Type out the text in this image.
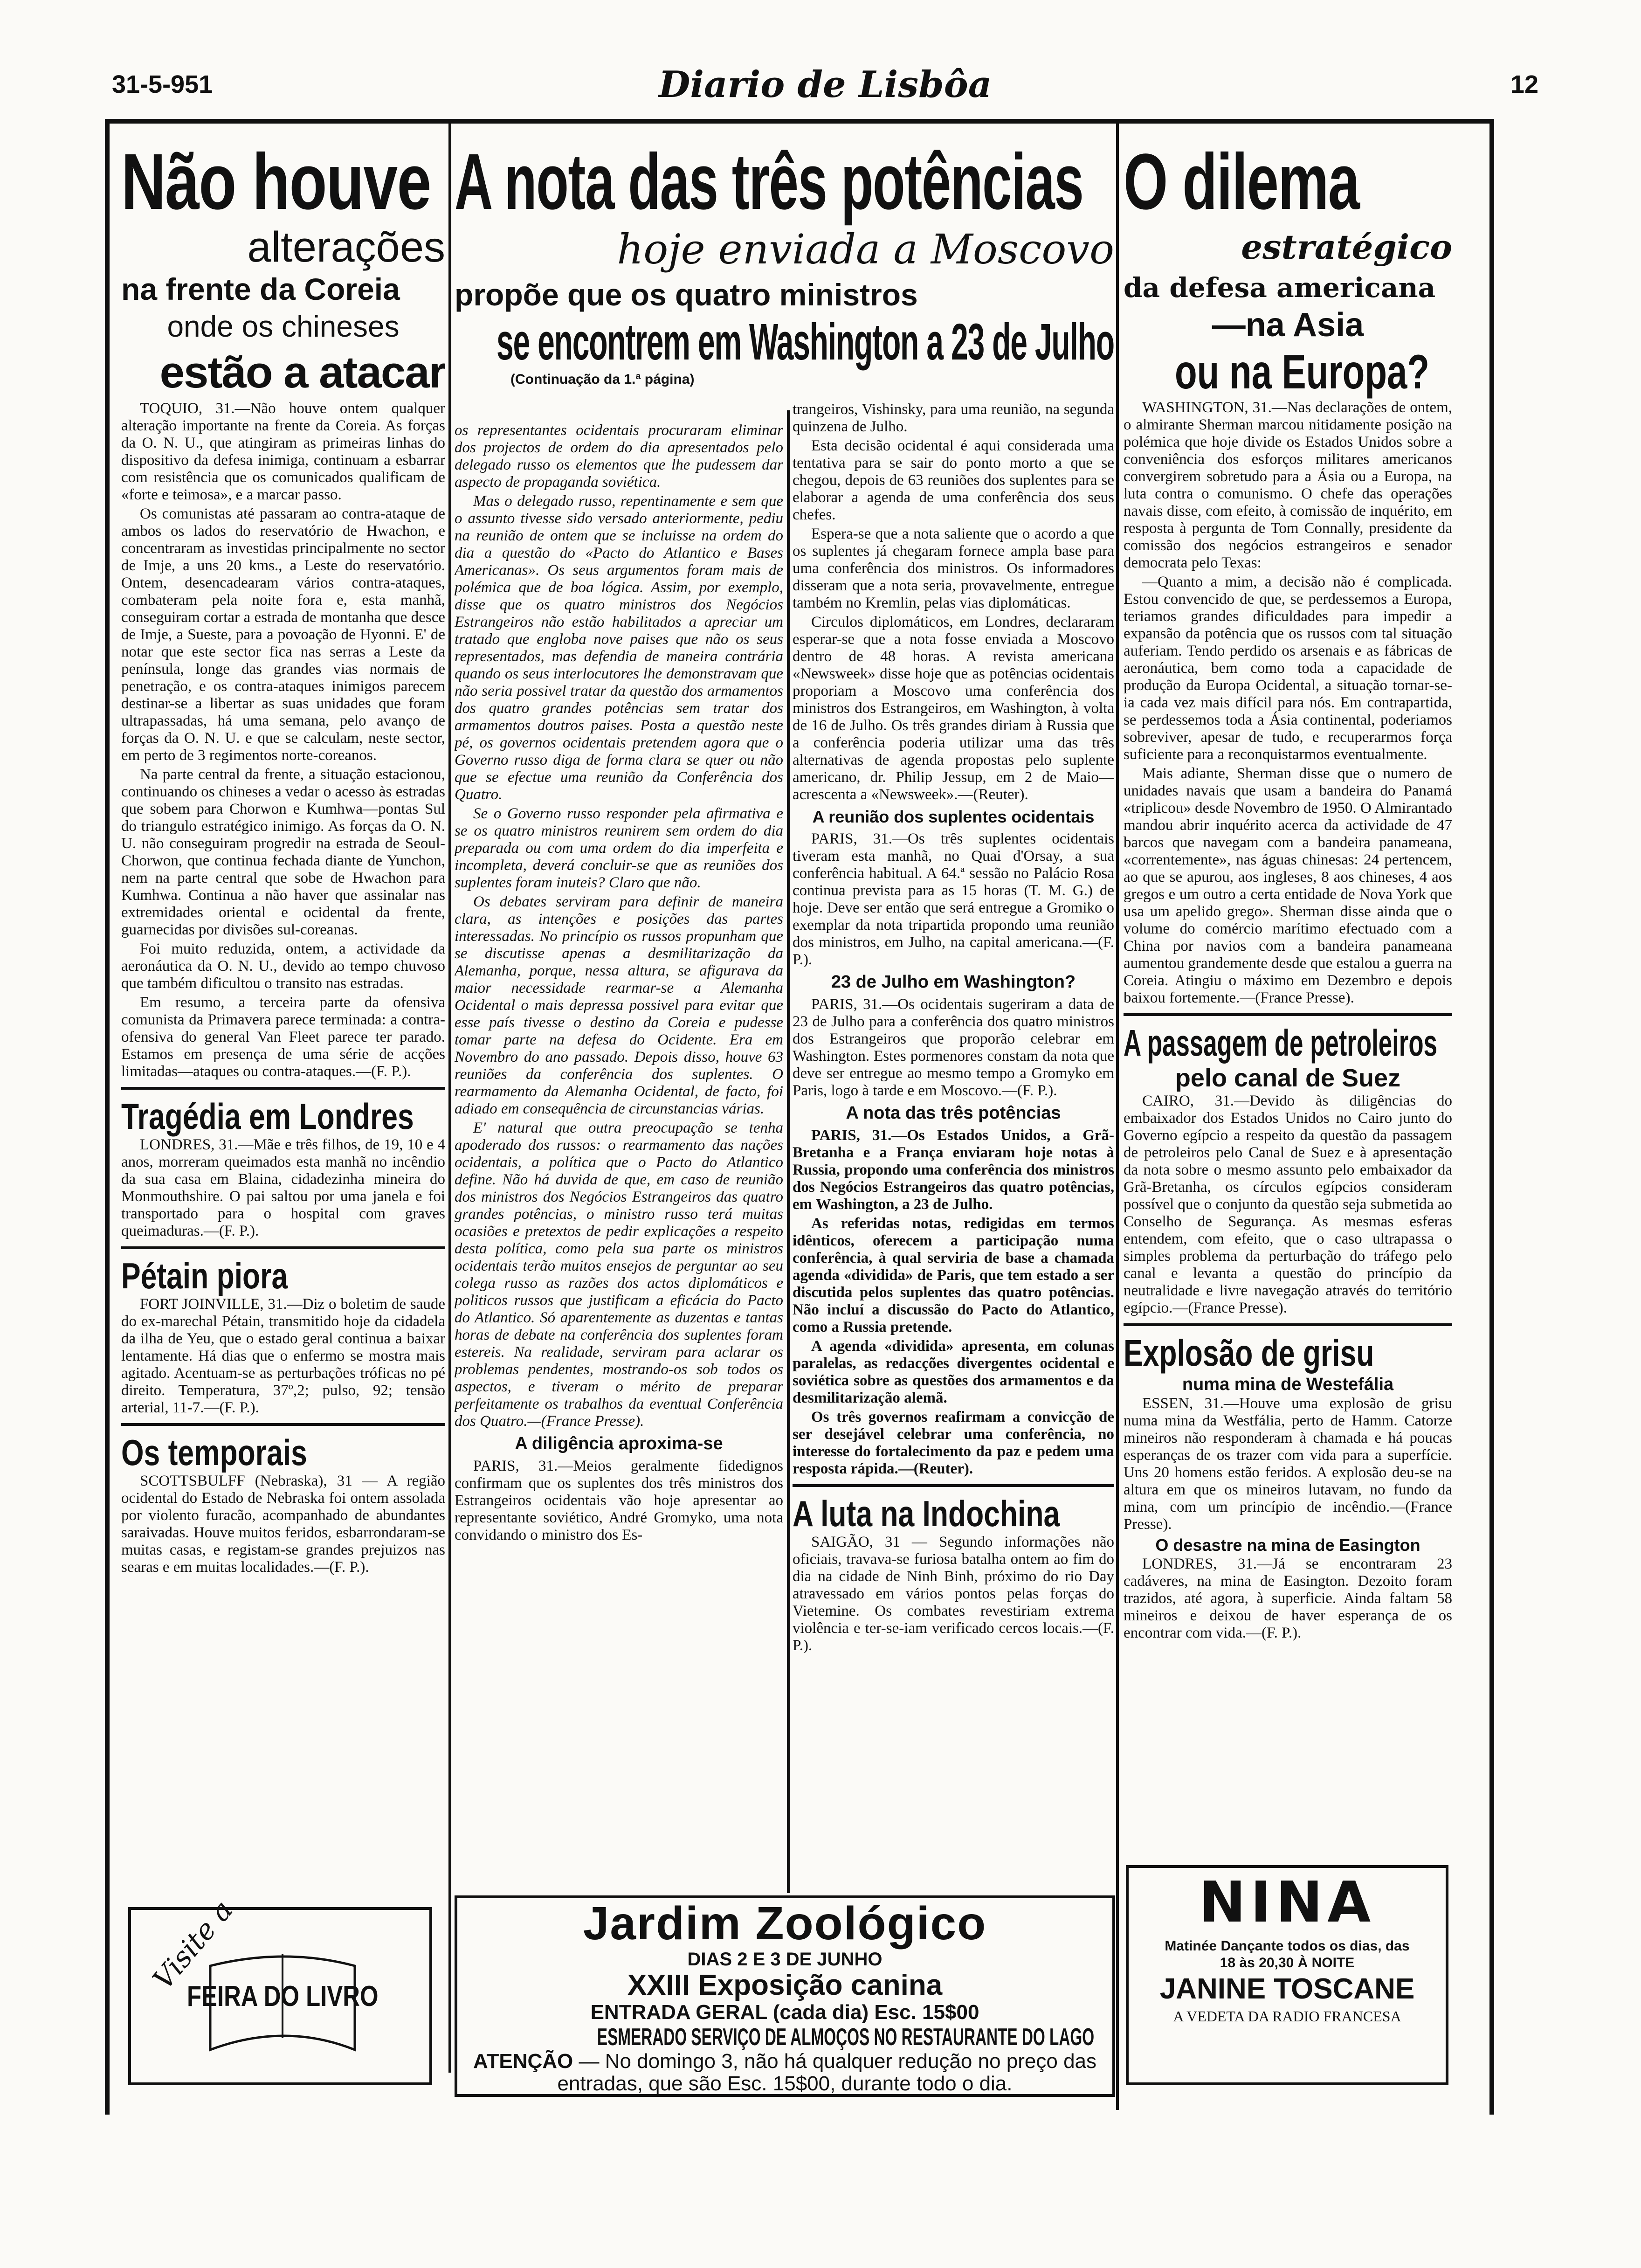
31-5-951	Diario de Lisbôa	12
Não houve
alterações
na frente da Coreia
onde os chineses
estão a atacar

TOQUIO, 31.—Não houve ontem qualquer alteração importante na frente da Coreia. As forças da O. N. U., que atingiram as primeiras linhas do dispositivo da defesa inimiga, continuam a esbarrar com resistência que os comunicados qualificam de «forte e teimosa», e a marcar passo.

Os comunistas até passaram ao contra-ataque de ambos os lados do reservatório de Hwachon, e concentraram as investidas principalmente no sector de Imje, a uns 20 kms., a Leste do reservatório. Ontem, desencadearam vários contra-ataques, combateram pela noite fora e, esta manhã, conseguiram cortar a estrada de montanha que desce de Imje, a Sueste, para a povoação de Hyonni. E' de notar que este sector fica nas serras a Leste da península, longe das grandes vias normais de penetração, e os contra-ataques inimigos parecem destinar-se a libertar as suas unidades que foram ultrapassadas, há uma semana, pelo avanço de forças da O. N. U. e que se calculam, neste sector, em perto de 3 regimentos norte-coreanos.

Na parte central da frente, a situação estacionou, continuando os chineses a vedar o acesso às estradas que sobem para Chorwon e Kumhwa—pontas Sul do triangulo estratégico inimigo. As forças da O. N. U. não conseguiram progredir na estrada de Seoul-Chorwon, que continua fechada diante de Yunchon, nem na parte central que sobe de Hwachon para Kumhwa. Continua a não haver que assinalar nas extremidades oriental e ocidental da frente, guarnecidas por divisões sul-coreanas.

Foi muito reduzida, ontem, a actividade da aeronáutica da O. N. U., devido ao tempo chuvoso que também dificultou o transito nas estradas.

Em resumo, a terceira parte da ofensiva comunista da Primavera parece terminada: a contra-ofensiva do general Van Fleet parece ter parado. Estamos em presença de uma série de acções limitadas—ataques ou contra-ataques.—(F. P.).

Tragédia em Londres

LONDRES, 31.—Mãe e três filhos, de 19, 10 e 4 anos, morreram queimados esta manhã no incêndio da sua casa em Blaina, cidadezinha mineira do Monmouthshire. O pai saltou por uma janela e foi transportado para o hospital com graves queimaduras.—(F. P.).

Pétain piora

FORT JOINVILLE, 31.—Diz o boletim de saude do ex-marechal Pétain, transmitido hoje da cidadela da ilha de Yeu, que o estado geral continua a baixar lentamente. Há dias que o enfermo se mostra mais agitado. Acentuam-se as perturbações tróficas no pé direito. Temperatura, 37º,2; pulso, 92; tensão arterial, 11-7.—(F. P.).

Os temporais

SCOTTSBULFF (Nebraska), 31 — A região ocidental do Estado de Nebraska foi ontem assolada por violento furacão, acompanhado de abundantes saraivadas. Houve muitos feridos, esbarrondaram-se muitas casas, e registam-se grandes prejuizos nas searas e em muitas localidades.—(F. P.).

Visite a
FEIRA DO LIVRO
A nota das três potências
hoje enviada a Moscovo
propõe que os quatro ministros
se encontrem em Washington a 23 de Julho
(Continuação da 1.ª página)

os representantes ocidentais procuraram eliminar dos projectos de ordem do dia apresentados pelo delegado russo os elementos que lhe pudessem dar aspecto de propaganda soviética.

Mas o delegado russo, repentinamente e sem que o assunto tivesse sido versado anteriormente, pediu na reunião de ontem que se incluisse na ordem do dia a questão do «Pacto do Atlantico e Bases Americanas». Os seus argumentos foram mais de polémica que de boa lógica. Assim, por exemplo, disse que os quatro ministros dos Negócios Estrangeiros não estão habilitados a apreciar um tratado que engloba nove paises que não os seus representados, mas defendia de maneira contrária quando os seus interlocutores lhe demonstravam que não seria possivel tratar da questão dos armamentos dos quatro grandes potências sem tratar dos armamentos doutros paises. Posta a questão neste pé, os governos ocidentais pretendem agora que o Governo russo diga de forma clara se quer ou não que se efectue uma reunião da Conferência dos Quatro.

Se o Governo russo responder pela afirmativa e se os quatro ministros reunirem sem ordem do dia preparada ou com uma ordem do dia imperfeita e incompleta, deverá concluir-se que as reuniões dos suplentes foram inuteis? Claro que não.

Os debates serviram para definir de maneira clara, as intenções e posições das partes interessadas. No princípio os russos propunham que se discutisse apenas a desmilitarização da Alemanha, porque, nessa altura, se afigurava da maior necessidade rearmar-se a Alemanha Ocidental o mais depressa possivel para evitar que esse país tivesse o destino da Coreia e pudesse tomar parte na defesa do Ocidente. Era em Novembro do ano passado. Depois disso, houve 63 reuniões da conferência dos suplentes. O rearmamento da Alemanha Ocidental, de facto, foi adiado em consequência de circunstancias várias.

E' natural que outra preocupação se tenha apoderado dos russos: o rearmamento das nações ocidentais, a política que o Pacto do Atlantico define. Não há duvida de que, em caso de reunião dos ministros dos Negócios Estrangeiros das quatro grandes potências, o ministro russo terá muitas ocasiões e pretextos de pedir explicações a respeito desta política, como pela sua parte os ministros ocidentais terão muitos ensejos de perguntar ao seu colega russo as razões dos actos diplomáticos e politicos russos que justificam a eficácia do Pacto do Atlantico. Só aparentemente as duzentas e tantas horas de debate na conferência dos suplentes foram estereis. Na realidade, serviram para aclarar os problemas pendentes, mostrando-os sob todos os aspectos, e tiveram o mérito de preparar perfeitamente os trabalhos da eventual Conferência dos Quatro.—(France Presse).

A diligência aproxima-se

PARIS, 31.—Meios geralmente fidedignos confirmam que os suplentes dos três ministros dos Estrangeiros ocidentais vão hoje apresentar ao representante soviético, André Gromyko, uma nota convidando o ministro dos Es-

trangeiros, Vishinsky, para uma reunião, na segunda quinzena de Julho.

Esta decisão ocidental é aqui considerada uma tentativa para se sair do ponto morto a que se chegou, depois de 63 reuniões dos suplentes para se elaborar a agenda de uma conferência dos seus chefes.

Espera-se que a nota saliente que o acordo a que os suplentes já chegaram fornece ampla base para uma conferência dos ministros. Os informadores disseram que a nota seria, provavelmente, entregue também no Kremlin, pelas vias diplomáticas.

Circulos diplomáticos, em Londres, declararam esperar-se que a nota fosse enviada a Moscovo dentro de 48 horas. A revista americana «Newsweek» disse hoje que as potências ocidentais proporiam a Moscovo uma conferência dos ministros dos Estrangeiros, em Washington, à volta de 16 de Julho. Os três grandes diriam à Russia que a conferência poderia utilizar uma das três alternativas de agenda propostas pelo suplente americano, dr. Philip Jessup, em 2 de Maio—acrescenta a «Newsweek».—(Reuter).

A reunião dos suplentes ocidentais

PARIS, 31.—Os três suplentes ocidentais tiveram esta manhã, no Quai d'Orsay, a sua conferência habitual. A 64.ª sessão no Palácio Rosa continua prevista para as 15 horas (T. M. G.) de hoje. Deve ser então que será entregue a Gromiko o exemplar da nota tripartida propondo uma reunião dos ministros, em Julho, na capital americana.—(F. P.).

23 de Julho em Washington?

PARIS, 31.—Os ocidentais sugeriram a data de 23 de Julho para a conferência dos quatro ministros dos Estrangeiros que proporão celebrar em Washington. Estes pormenores constam da nota que deve ser entregue ao mesmo tempo a Gromyko em Paris, logo à tarde e em Moscovo.—(F. P.).

A nota das três potências

PARIS, 31.—Os Estados Unidos, a Grã-Bretanha e a França enviaram hoje notas à Russia, propondo uma conferência dos ministros dos Negócios Estrangeiros das quatro potências, em Washington, a 23 de Julho.

As referidas notas, redigidas em termos idênticos, oferecem a participação numa conferência, à qual serviria de base a chamada agenda «dividida» de Paris, que tem estado a ser discutida pelos suplentes das quatro potências. Não incluí a discussão do Pacto do Atlantico, como a Russia pretende.

A agenda «dividida» apresenta, em colunas paralelas, as redacções divergentes ocidental e soviética sobre as questões dos armamentos e da desmilitarização alemã.

Os três governos reafirmam a convicção de ser desejável celebrar uma conferência, no interesse do fortalecimento da paz e pedem uma resposta rápida.—(Reuter).

A luta na Indochina

SAIGÃO, 31 — Segundo informações não oficiais, travava-se furiosa batalha ontem ao fim do dia na cidade de Ninh Binh, próximo do rio Day atravessado em vários pontos pelas forças do Vietemine. Os combates revestiriam extrema violência e ter-se-iam verificado cercos locais.—(F. P.).

Jardim Zoológico
DIAS 2 E 3 DE JUNHO
XXIII Exposição canina
ENTRADA GERAL (cada dia) Esc. 15$00
ESMERADO SERVIÇO DE ALMOÇOS NO RESTAURANTE DO LAGO
ATENÇÃO — No domingo 3, não há qualquer redução no preço das entradas, que são Esc. 15$00, durante todo o dia.
O dilema
estratégico
da defesa americana
—na Asia
ou na Europa?

WASHINGTON, 31.—Nas declarações de ontem, o almirante Sherman marcou nitidamente posição na polémica que hoje divide os Estados Unidos sobre a conveniência dos esforços militares americanos convergirem sobretudo para a Ásia ou a Europa, na luta contra o comunismo. O chefe das operações navais disse, com efeito, à comissão de inquérito, em resposta à pergunta de Tom Connally, presidente da comissão dos negócios estrangeiros e senador democrata pelo Texas:

—Quanto a mim, a decisão não é complicada. Estou convencido de que, se perdessemos a Europa, teriamos grandes dificuldades para impedir a expansão da potência que os russos com tal situação auferiam. Tendo perdido os arsenais e as fábricas de aeronáutica, bem como toda a capacidade de produção da Europa Ocidental, a situação tornar-se-ia cada vez mais difícil para nós. Em contrapartida, se perdessemos toda a Ásia continental, poderiamos sobreviver, apesar de tudo, e recuperarmos força suficiente para a reconquistarmos eventualmente.

Mais adiante, Sherman disse que o numero de unidades navais que usam a bandeira do Panamá «triplicou» desde Novembro de 1950. O Almirantado mandou abrir inquérito acerca da actividade de 47 barcos que navegam com a bandeira panameana, «correntemente», nas águas chinesas: 24 pertencem, ao que se apurou, aos ingleses, 8 aos chineses, 4 aos gregos e um outro a certa entidade de Nova York que usa um apelido grego». Sherman disse ainda que o volume do comércio marítimo efectuado com a China por navios com a bandeira panameana aumentou grandemente desde que estalou a guerra na Coreia. Atingiu o máximo em Dezembro e depois baixou fortemente.—(France Presse).

A passagem de petroleiros
pelo canal de Suez

CAIRO, 31.—Devido às diligências do embaixador dos Estados Unidos no Cairo junto do Governo egípcio a respeito da questão da passagem de petroleiros pelo Canal de Suez e à apresentação da nota sobre o mesmo assunto pelo embaixador da Grã-Bretanha, os círculos egípcios consideram possível que o conjunto da questão seja submetida ao Conselho de Segurança. As mesmas esferas entendem, com efeito, que o caso ultrapassa o simples problema da perturbação do tráfego pelo canal e levanta a questão do princípio da neutralidade e livre navegação através do território egípcio.—(France Presse).

Explosão de grisu
numa mina de Westefália

ESSEN, 31.—Houve uma explosão de grisu numa mina da Westfália, perto de Hamm. Catorze mineiros não responderam à chamada e há poucas esperanças de os trazer com vida para a superfície. Uns 20 homens estão feridos. A explosão deu-se na altura em que os mineiros lutavam, no fundo da mina, com um princípio de incêndio.—(France Presse).

O desastre na mina de Easington

LONDRES, 31.—Já se encontraram 23 cadáveres, na mina de Easington. Dezoito foram trazidos, até agora, à superficie. Ainda faltam 58 mineiros e deixou de haver esperança de os encontrar com vida.—(F. P.).

NINA
Matinée Dançante todos os dias, das 18 às 20,30 À NOITE
JANINE TOSCANE
A VEDETA DA RADIO FRANCESA
